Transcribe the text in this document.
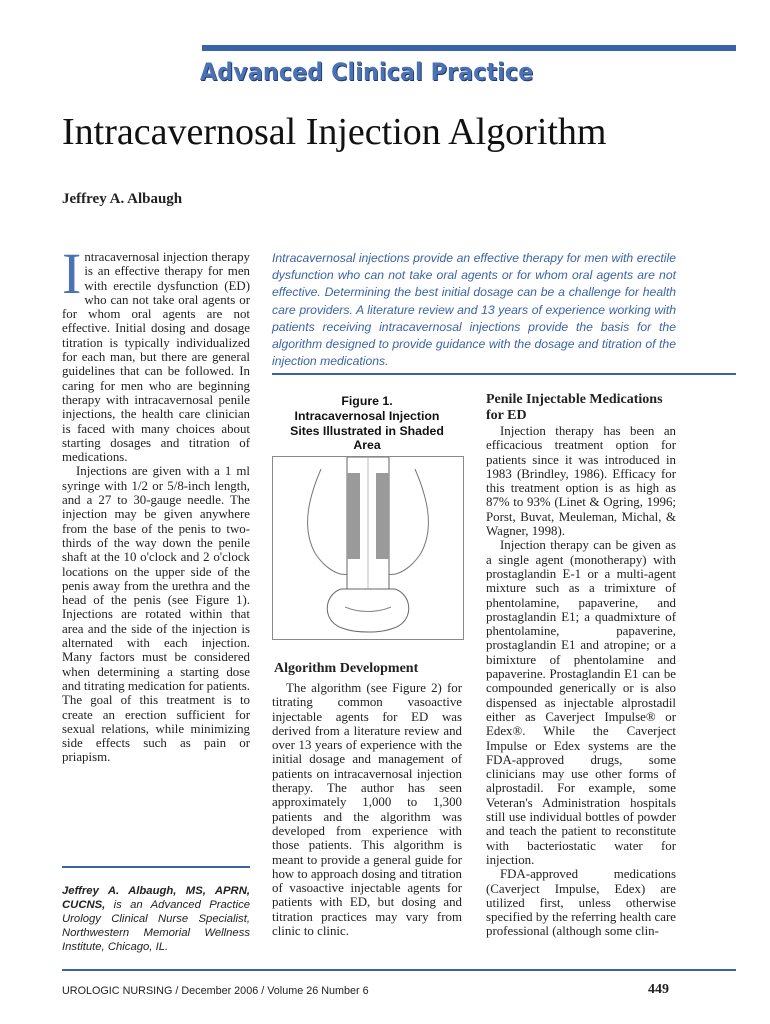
Advanced Clinical Practice
Intracavernosal Injection Algorithm
Jeffrey A. Albaugh
I ntracavernosal injection therapy is an effective therapy for men with erectile dysfunction (ED) who can not take oral agents or for whom oral agents are not effective. Initial dosing and dosage titration is typically individualized for each man, but there are general guidelines that can be followed. In caring for men who are beginning therapy with intracavernosal penile injections, the health care clinician is faced with many choices about starting dosages and titration of medications.

Injections are given with a 1 ml syringe with 1/2 or 5/8-inch length, and a 27 to 30-gauge needle. The injection may be given anywhere from the base of the penis to two-thirds of the way down the penile shaft at the 10 o'clock and 2 o'clock locations on the upper side of the penis away from the urethra and the head of the penis (see Figure 1). Injections are rotated within that area and the side of the injection is alternated with each injection. Many factors must be considered when determining a starting dose and titrating medication for patients. The goal of this treatment is to create an erection sufficient for sexual relations, while minimizing side effects such as pain or priapism.

Intracavernosal injections provide an effective therapy for men with erectile dysfunction who can not take oral agents or for whom oral agents are not effective. Determining the best initial dosage can be a challenge for health care providers. A literature review and 13 years of experience working with patients receiving intracavernosal injections provide the basis for the algorithm designed to provide guidance with the dosage and titration of the injection medications.
Figure 1.
Intracavernosal Injection Sites Illustrated in Shaded Area
Algorithm Development

The algorithm (see Figure 2) for titrating common vasoactive injectable agents for ED was derived from a literature review and over 13 years of experience with the initial dosage and management of patients on intracavernosal injection therapy. The author has seen approximately 1,000 to 1,300 patients and the algorithm was developed from experience with those patients. This algorithm is meant to provide a general guide for how to approach dosing and titration of vasoactive injectable agents for patients with ED, but dosing and titration practices may vary from clinic to clinic.

Penile Injectable Medications for ED

Injection therapy has been an efficacious treatment option for patients since it was introduced in 1983 (Brindley, 1986). Efficacy for this treatment option is as high as 87% to 93% (Linet & Ogring, 1996; Porst, Buvat, Meuleman, Michal, & Wagner, 1998).

Injection therapy can be given as a single agent (monotherapy) with prostaglandin E-1 or a multi-agent mixture such as a trimixture of phentolamine, papaverine, and prostaglandin E1; a quadmixture of phentolamine, papaverine, prostaglandin E1 and atropine; or a bimixture of phentolamine and papaverine. Prostaglandin E1 can be compounded generically or is also dispensed as injectable alprostadil either as Caverject Impulse® or Edex®. While the Caverject Impulse or Edex systems are the FDA-approved drugs, some clinicians may use other forms of alprostadil. For example, some Veteran's Administration hospitals still use individual bottles of powder and teach the patient to reconstitute with bacteriostatic water for injection.

FDA-approved medications (Caverject Impulse, Edex) are utilized first, unless otherwise specified by the referring health care professional (although some clin-

Jeffrey A. Albaugh, MS, APRN, CUCNS, is an Advanced Practice Urology Clinical Nurse Specialist, Northwestern Memorial Wellness Institute, Chicago, IL.
UROLOGIC NURSING / December 2006 / Volume 26 Number 6	449
